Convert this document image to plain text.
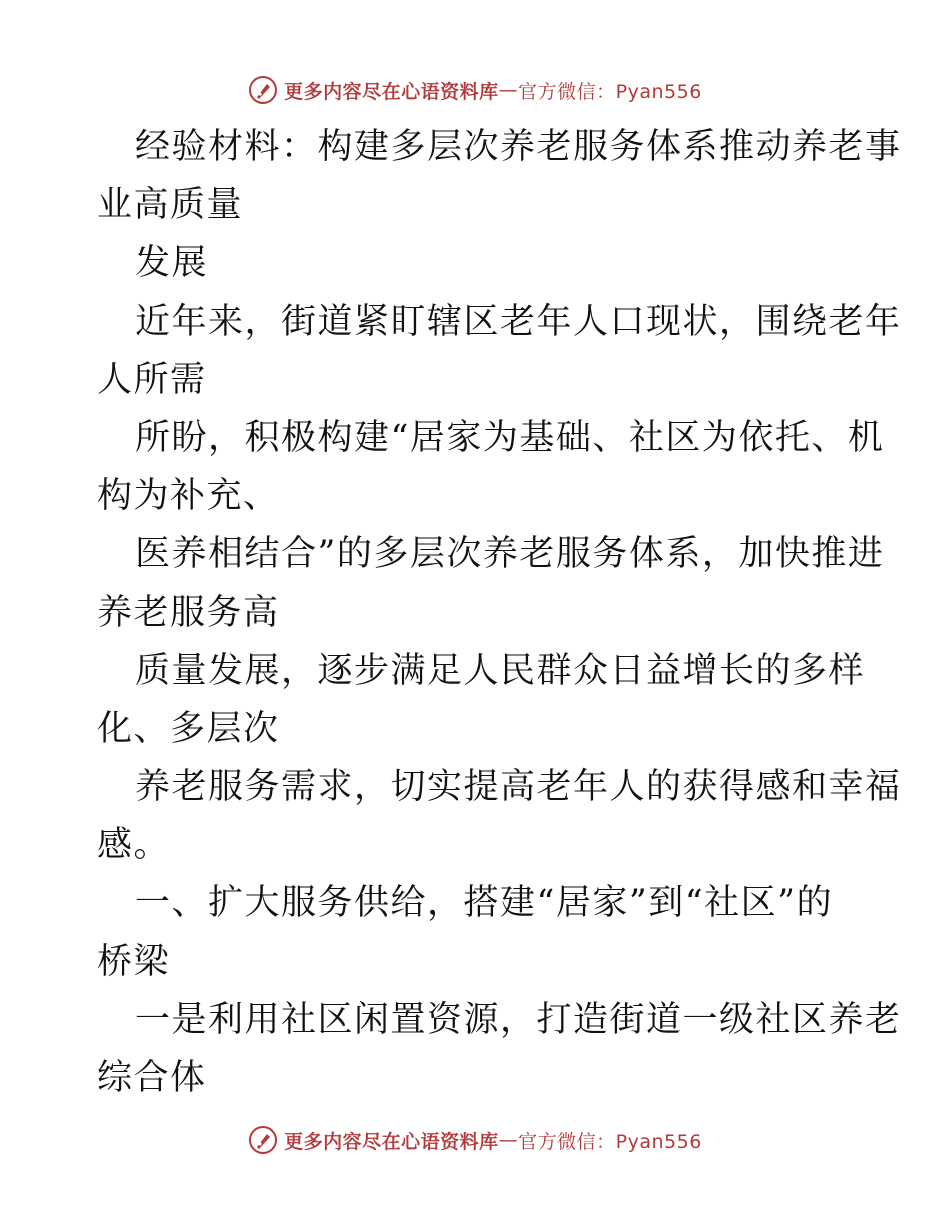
更多内容尽在心语资料库 — 官方微信：Pyan556
经验材料：构建多层次养老服务体系推动养老事
业高质量
发展
近年来，街道紧盯辖区老年人口现状，围绕老年
人所需
所盼，积极构建“居家为基础、社区为依托、机
构为补充、
医养相结合”的多层次养老服务体系，加快推进
养老服务高
质量发展，逐步满足人民群众日益增长的多样
化、多层次
养老服务需求，切实提高老年人的获得感和幸福
感。
一、扩大服务供给，搭建“居家”到“社区”的
桥梁
一是利用社区闲置资源，打造街道一级社区养老
综合体
更多内容尽在心语资料库 — 官方微信：Pyan556
